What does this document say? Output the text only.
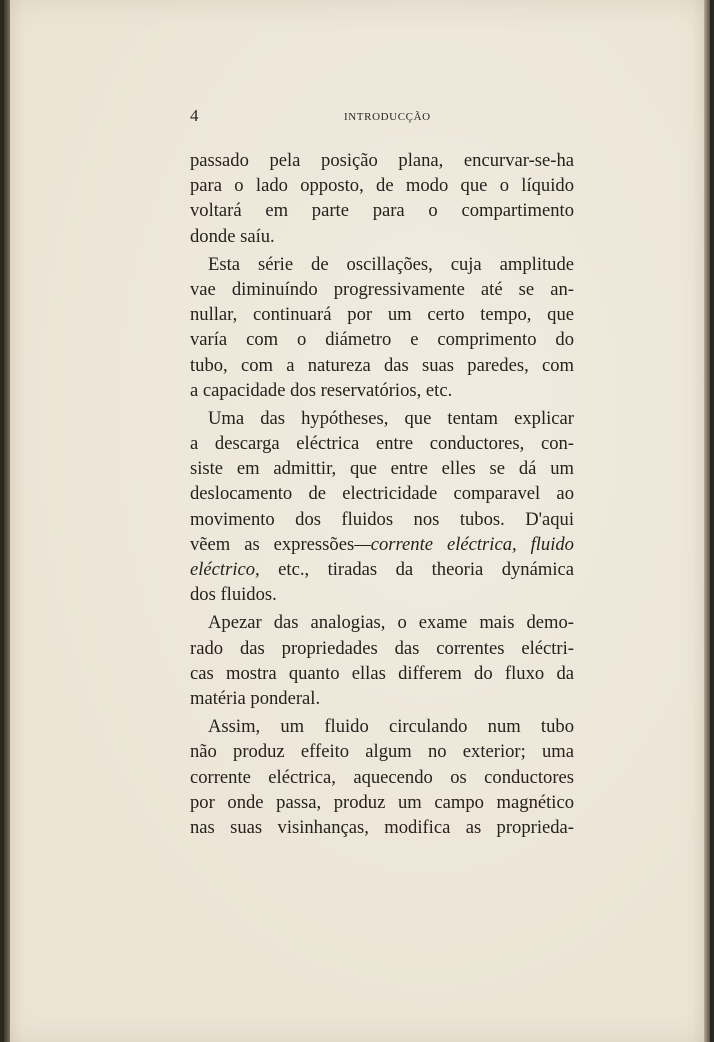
4	INTRODUCÇÃO
passado pela posição plana, encurvar-se-ha
para o lado opposto, de modo que o líquido
voltará em parte para o compartimento
donde saíu.
Esta série de oscillações, cuja amplitude
vae diminuíndo progressivamente até se an-
nullar, continuará por um certo tempo, que
varía com o diámetro e comprimento do
tubo, com a natureza das suas paredes, com
a capacidade dos reservatórios, etc.
Uma das hypótheses, que tentam explicar
a descarga eléctrica entre conductores, con-
siste em admittir, que entre elles se dá um
deslocamento de electricidade comparavel ao
movimento dos fluidos nos tubos. D'aqui
vẽem as expressões—corrente eléctrica, fluido
eléctrico, etc., tiradas da theoria dynámica
dos fluidos.
Apezar das analogias, o exame mais demo-
rado das propriedades das correntes eléctri-
cas mostra quanto ellas differem do fluxo da
matéria ponderal.
Assim, um fluido circulando num tubo
não produz effeito algum no exterior; uma
corrente eléctrica, aquecendo os conductores
por onde passa, produz um campo magnético
nas suas visinhanças, modifica as proprieda-
